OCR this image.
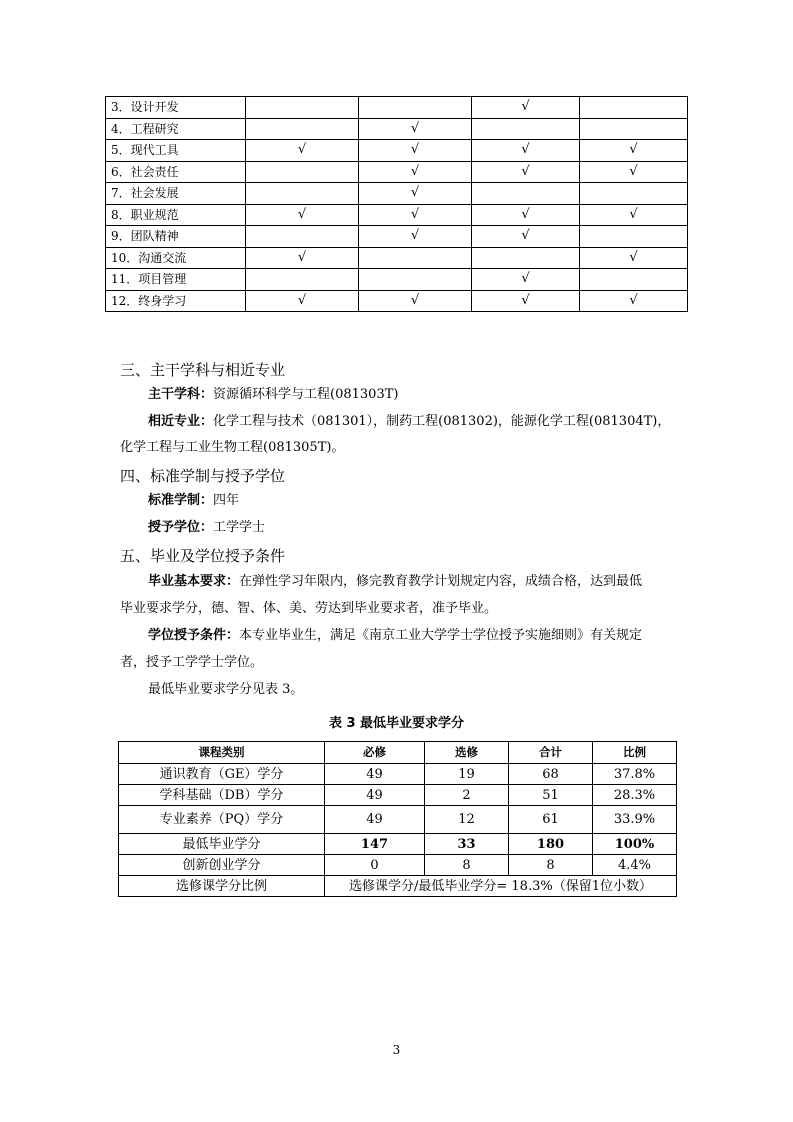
3．设计开发			√	
4．工程研究		√		
5．现代工具	√	√	√	√
6．社会责任		√	√	√
7．社会发展		√		
8．职业规范	√	√	√	√
9．团队精神		√	√	
10．沟通交流	√			√
11．项目管理			√	
12．终身学习	√	√	√	√
三、主干学科与相近专业
主干学科：资源循环科学与工程(081303T)
相近专业：化学工程与技术（081301），制药工程(081302)，能源化学工程(081304T)，
化学工程与工业生物工程(081305T)。
四、标准学制与授予学位
标准学制：四年
授予学位：工学学士
五、毕业及学位授予条件
毕业基本要求：在弹性学习年限内，修完教育教学计划规定内容，成绩合格，达到最低
毕业要求学分，德、智、体、美、劳达到毕业要求者，准予毕业。
学位授予条件：本专业毕业生，满足《南京工业大学学士学位授予实施细则》有关规定
者，授予工学学士学位。
最低毕业要求学分见表 3。
表 3 最低毕业要求学分
课程类别	必修	选修	合计	比例
通识教育（GE）学分	49	19	68	37.8%
学科基础（DB）学分	49	2	51	28.3%
专业素养（PQ）学分	49	12	61	33.9%
最低毕业学分	147	33	180	100%
创新创业学分	0	8	8	4.4%
选修课学分比例	选修课学分/最低毕业学分= 18.3%（保留1位小数）			
3
